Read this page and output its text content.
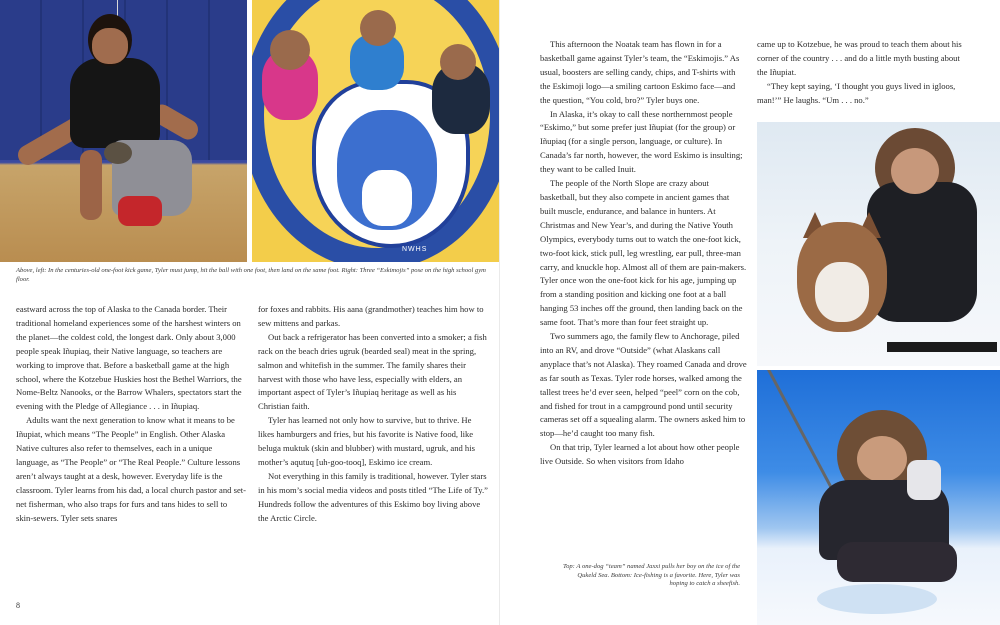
NWHS
Above, left: In the centuries-old one-foot kick game, Tyler must jump, hit the ball with one foot, then land on the same foot. Right: Three “Eskimojis” pose on the high school gym floor.

eastward across the top of Alaska to the Canada border. Their traditional homeland experiences some of the harshest winters on the planet—the coldest cold, the longest dark. Only about 3,000 people speak Iñupiaq, their Native language, so teachers are working to improve that. Before a basketball game at the high school, where the Kotzebue Huskies host the Bethel Warriors, the Nome-Beltz Nanooks, or the Barrow Whalers, spectators start the evening with the Pledge of Allegiance . . . in Iñupiaq.

Adults want the next generation to know what it means to be Iñupiat, which means “The People” in English. Other Alaska Native cultures also refer to themselves, each in a unique language, as “The People” or “The Real People.” Culture lessons aren’t always taught at a desk, however. Everyday life is the classroom. Tyler learns from his dad, a local church pastor and set-net fisherman, who also traps for furs and tans hides to sell to skin-sewers. Tyler sets snares

for foxes and rabbits. His aana (grandmother) teaches him how to sew mittens and parkas.

Out back a refrigerator has been converted into a smoker; a fish rack on the beach dries ugruk (bearded seal) meat in the spring, salmon and whitefish in the summer. The family shares their harvest with those who have less, especially with elders, an important aspect of Tyler’s Iñupiaq heritage as well as his Christian faith.

Tyler has learned not only how to survive, but to thrive. He likes hamburgers and fries, but his favorite is Native food, like beluga muktuk (skin and blubber) with mustard, ugruk, and his mother’s aqutuq [uh-goo-tooq], Eskimo ice cream.

Not everything in this family is traditional, however. Tyler stars in his mom’s social media videos and posts titled “The Life of Ty.” Hundreds follow the adventures of this Eskimo boy living above the Arctic Circle.

8

This afternoon the Noatak team has flown in for a basketball game against Tyler’s team, the “Eskimojis.” As usual, boosters are selling candy, chips, and T-shirts with the Eskimoji logo—a smiling cartoon Eskimo face—and the question, “You cold, bro?” Tyler buys one.

In Alaska, it’s okay to call these northernmost people “Eskimo,” but some prefer just Iñupiat (for the group) or Iñupiaq (for a single person, language, or culture). In Canada’s far north, however, the word Eskimo is insulting; they want to be called Inuit.

The people of the North Slope are crazy about basketball, but they also compete in ancient games that built muscle, endurance, and balance in hunters. At Christmas and New Year’s, and during the Native Youth Olympics, everybody turns out to watch the one-foot kick, two-foot kick, stick pull, leg wrestling, ear pull, three-man carry, and knuckle hop. Almost all of them are pain-makers. Tyler once won the one-foot kick for his age, jumping up from a standing position and kicking one foot at a ball hanging 53 inches off the ground, then landing back on the same foot. That’s more than four feet straight up.

Two summers ago, the family flew to Anchorage, piled into an RV, and drove “Outside” (what Alaskans call anyplace that’s not Alaska). They roamed Canada and drove as far south as Texas. Tyler rode horses, walked among the tallest trees he’d ever seen, helped “peel” corn on the cob, and fished for trout in a campground pond until security cameras set off a squealing alarm. The owners asked him to stop—he’d caught too many fish.

On that trip, Tyler learned a lot about how other people live Outside. So when visitors from Idaho

came up to Kotzebue, he was proud to teach them about his corner of the country . . . and do a little myth busting about the Iñupiat.

“They kept saying, ‘I thought you guys lived in igloos, man!’” He laughs. “Um . . . no.”

Top: A one-dog “team” named Jaxxi pulls her boy on the ice of the Qukeld Sea. Bottom: Ice-fishing is a favorite. Here, Tyler was hoping to catch a sheefish.
